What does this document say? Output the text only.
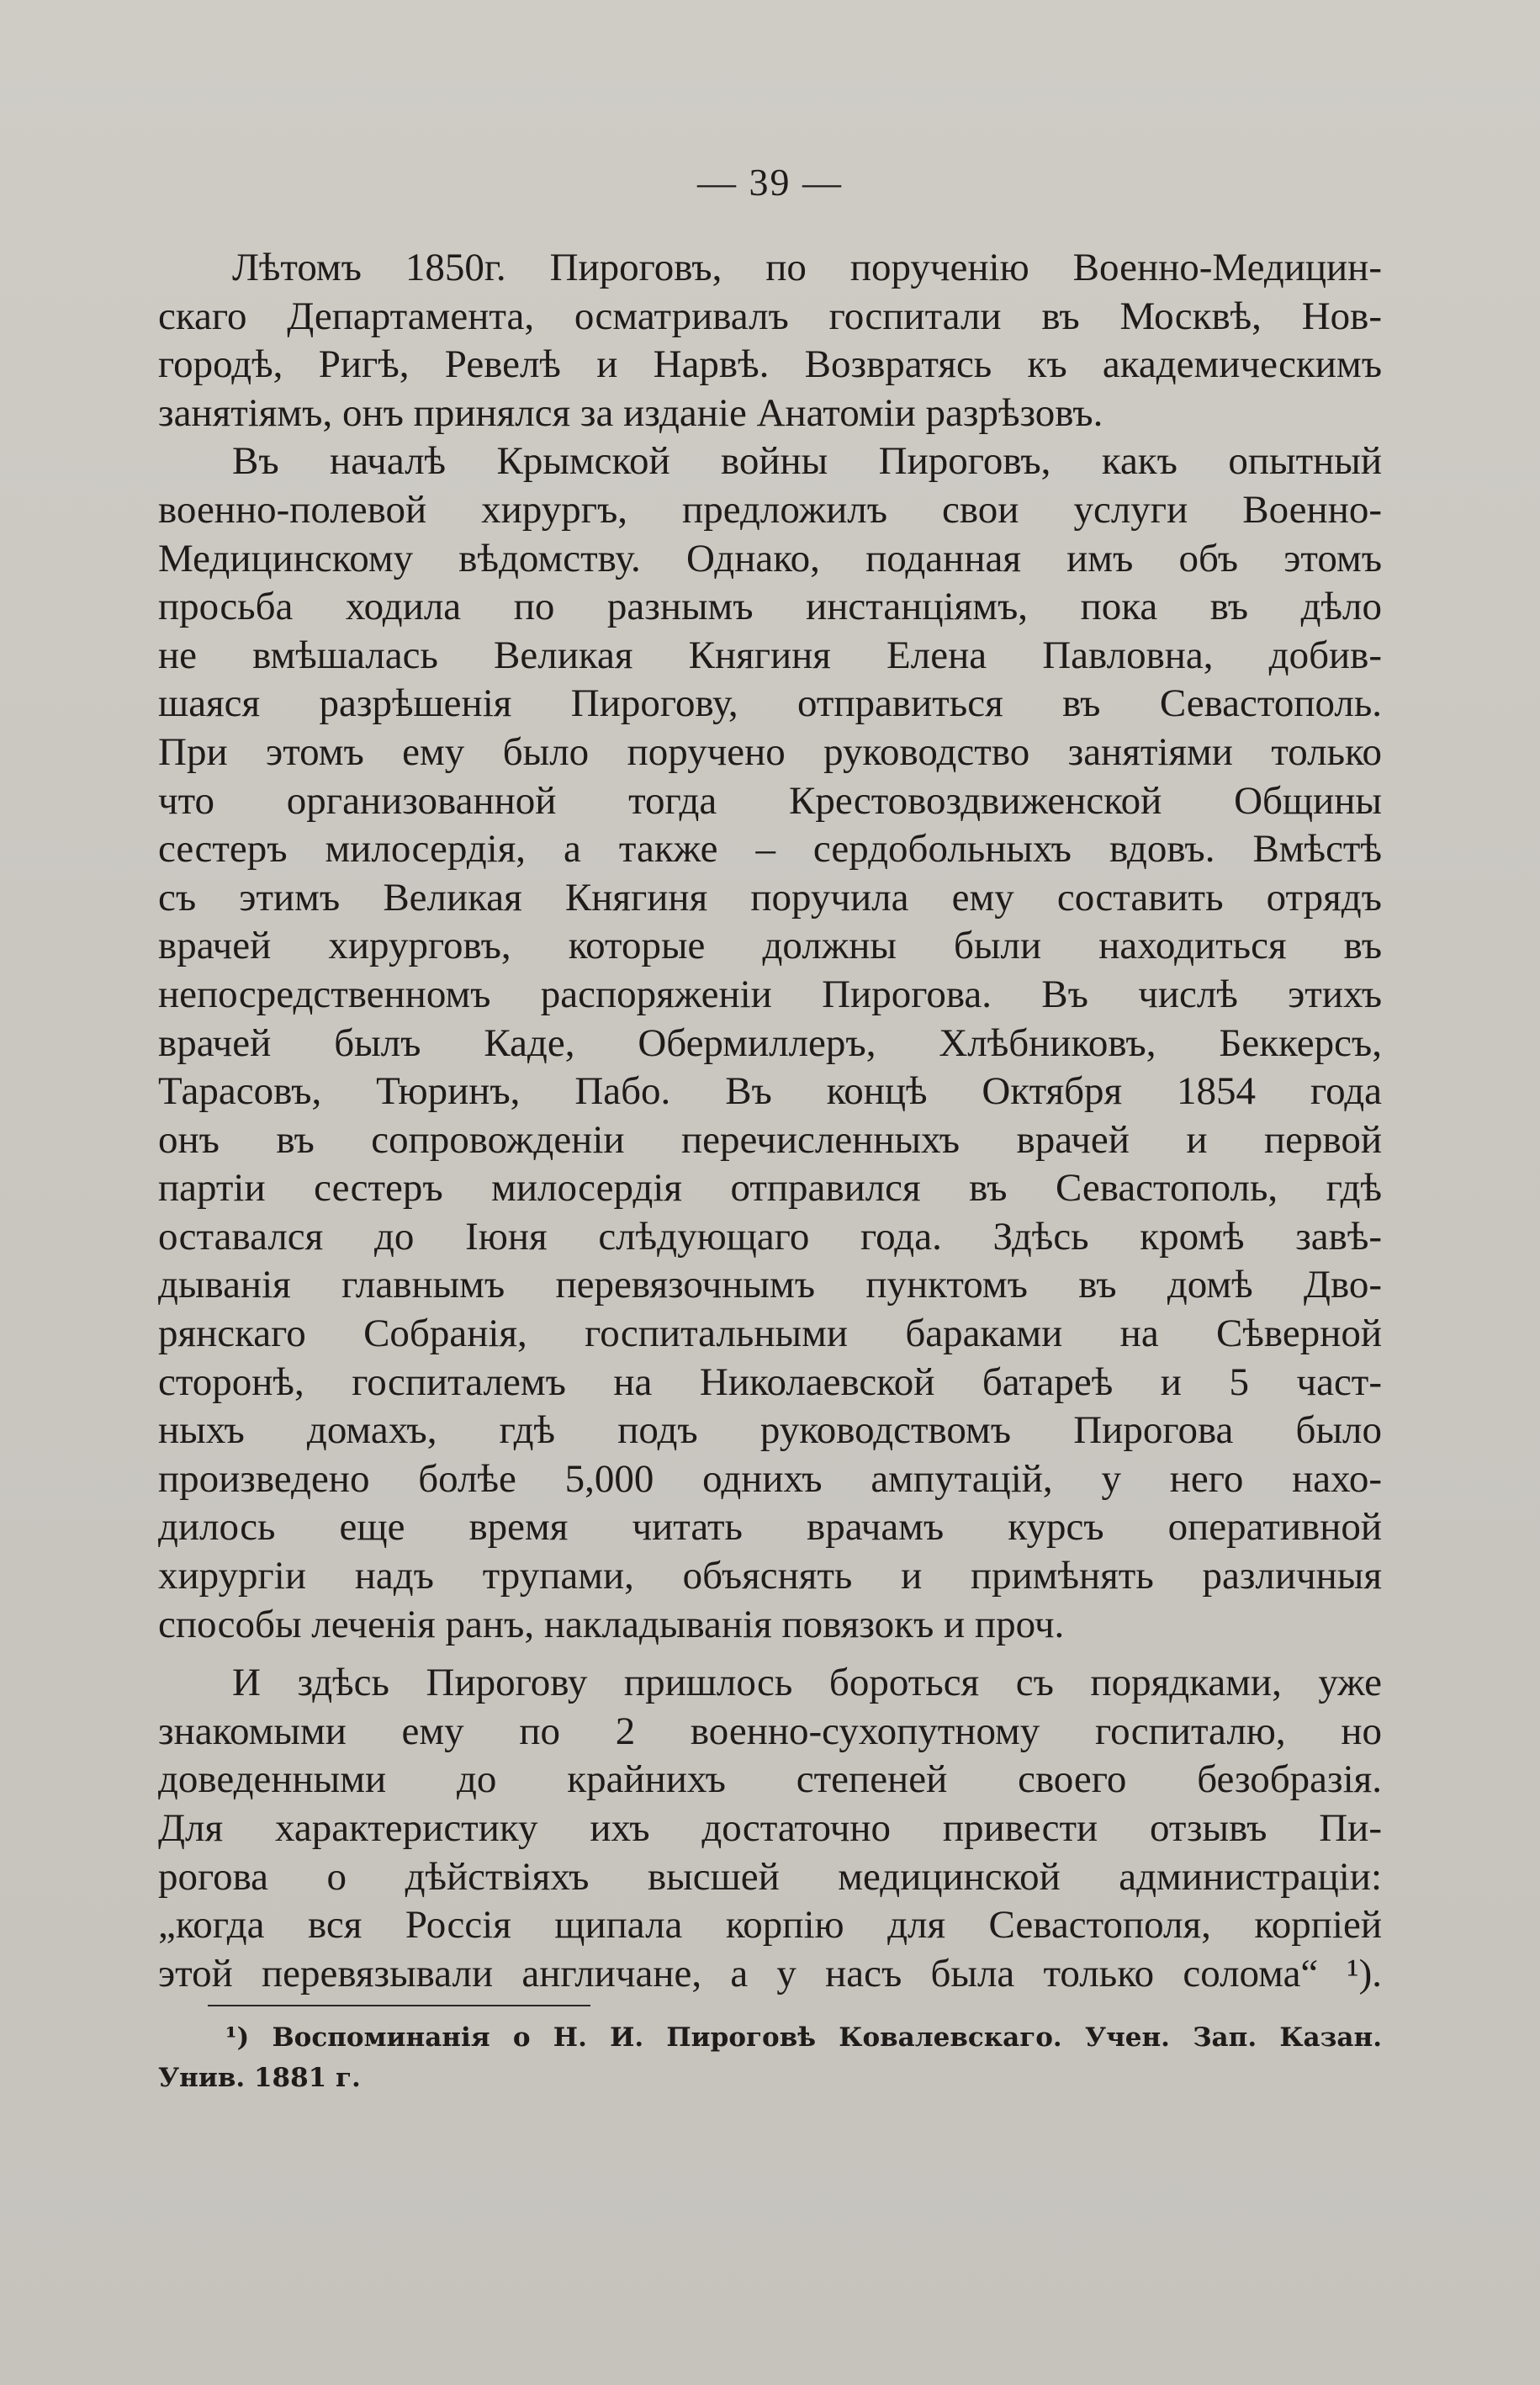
— 39 —
Лѣтомъ 1850г. Пироговъ, по порученію Военно-Медицин-
скаго Департамента, осматривалъ госпитали въ Москвѣ, Нов-
городѣ, Ригѣ, Ревелѣ и Нарвѣ. Возвратясь къ академическимъ
занятіямъ, онъ принялся за изданіе Анатоміи разрѣзовъ.
Въ началѣ Крымской войны Пироговъ, какъ опытный
военно-полевой хирургъ, предложилъ свои услуги Военно-
Медицинскому вѣдомству. Однако, поданная имъ объ этомъ
просьба ходила по разнымъ инстанціямъ, пока въ дѣло
не вмѣшалась Великая Княгиня Елена Павловна, добив-
шаяся разрѣшенія Пирогову, отправиться въ Севастополь.
При этомъ ему было поручено руководство занятіями только
что организованной тогда Крестовоздвиженской Общины
сестеръ милосердія, а также – сердобольныхъ вдовъ. Вмѣстѣ
съ этимъ Великая Княгиня поручила ему составить отрядъ
врачей хирурговъ, которые должны были находиться въ
непосредственномъ распоряженіи Пирогова. Въ числѣ этихъ
врачей былъ Каде, Обермиллеръ, Хлѣбниковъ, Беккерсъ,
Тарасовъ, Тюринъ, Пабо. Въ концѣ Октября 1854 года
онъ въ сопровожденіи перечисленныхъ врачей и первой
партіи сестеръ милосердія отправился въ Севастополь, гдѣ
оставался до Іюня слѣдующаго года. Здѣсь кромѣ завѣ-
дыванія главнымъ перевязочнымъ пунктомъ въ домѣ Дво-
рянскаго Собранія, госпитальными бараками на Сѣверной
сторонѣ, госпиталемъ на Николаевской батареѣ и 5 част-
ныхъ домахъ, гдѣ подъ руководствомъ Пирогова было
произведено болѣе 5,000 однихъ ампутацій, у него нахо-
дилось еще время читать врачамъ курсъ оперативной
хирургіи надъ трупами, объяснять и примѣнять различныя
способы леченія ранъ, накладыванія повязокъ и проч.
И здѣсь Пирогову пришлось бороться съ порядками, уже
знакомыми ему по 2 военно-сухопутному госпиталю, но
доведенными до крайнихъ степеней своего безобразія.
Для характеристику ихъ достаточно привести отзывъ Пи-
рогова о дѣйствіяхъ высшей медицинской администраціи:
„когда вся Россія щипала корпію для Севастополя, корпіей
этой перевязывали англичане, а у насъ была только солома“ ¹).
¹) Воспоминанія о Н. И. Пироговѣ Ковалевскаго. Учен. Зап. Казан.
Унив. 1881 г.
